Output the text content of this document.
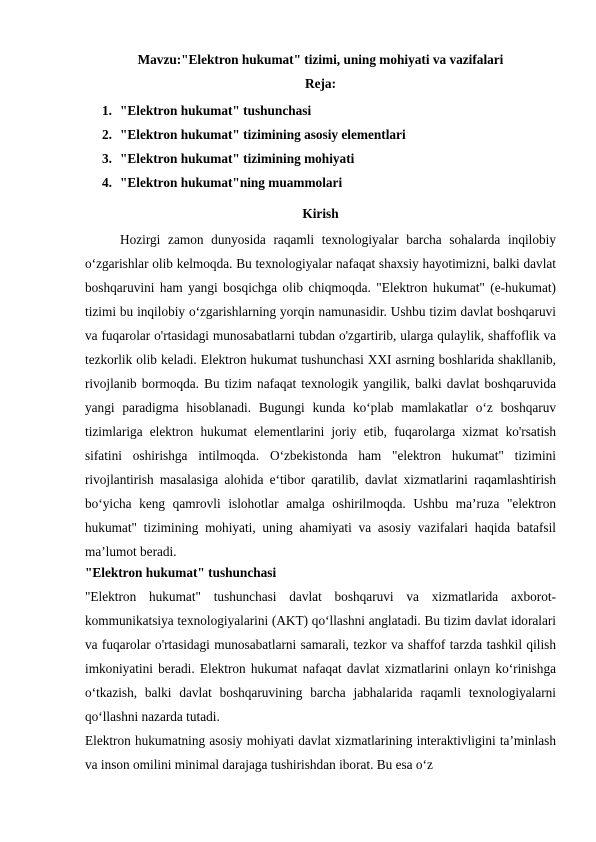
Mavzu:"Elektron hukumat" tizimi, uning mohiyati va vazifalari
Reja:
1. "Elektron hukumat" tushunchasi
2. "Elektron hukumat" tizimining asosiy elementlari
3. "Elektron hukumat" tizimining mohiyati
4. "Elektron hukumat"ning muammolari
Kirish

Hozirgi zamon dunyosida raqamli texnologiyalar barcha sohalarda inqilobiy o‘zgarishlar olib kelmoqda. Bu texnologiyalar nafaqat shaxsiy hayotimizni, balki davlat boshqaruvini ham yangi bosqichga olib chiqmoqda. "Elektron hukumat" (e-hukumat) tizimi bu inqilobiy o‘zgarishlarning yorqin namunasidir. Ushbu tizim davlat boshqaruvi va fuqarolar o'rtasidagi munosabatlarni tubdan o'zgartirib, ularga qulaylik, shaffoflik va tezkorlik olib keladi. Elektron hukumat tushunchasi XXI asrning boshlarida shakllanib, rivojlanib bormoqda. Bu tizim nafaqat texnologik yangilik, balki davlat boshqaruvida yangi paradigma hisoblanadi. Bugungi kunda ko‘plab mamlakatlar o‘z boshqaruv tizimlariga elektron hukumat elementlarini joriy etib, fuqarolarga xizmat ko'rsatish sifatini oshirishga intilmoqda. O‘zbekistonda ham "elektron hukumat" tizimini rivojlantirish masalasiga alohida e‘tibor qaratilib, davlat xizmatlarini raqamlashtirish bo‘yicha keng qamrovli islohotlar amalga oshirilmoqda. Ushbu ma’ruza "elektron hukumat" tizimining mohiyati, uning ahamiyati va asosiy vazifalari haqida batafsil ma’lumot beradi.

"Elektron hukumat" tushunchasi

"Elektron hukumat" tushunchasi davlat boshqaruvi va xizmatlarida axborot-kommunikatsiya texnologiyalarini (AKT) qo‘llashni anglatadi. Bu tizim davlat idoralari va fuqarolar o'rtasidagi munosabatlarni samarali, tezkor va shaffof tarzda tashkil qilish imkoniyatini beradi. Elektron hukumat nafaqat davlat xizmatlarini onlayn ko‘rinishga o‘tkazish, balki davlat boshqaruvining barcha jabhalarida raqamli texnologiyalarni qo‘llashni nazarda tutadi.

Elektron hukumatning asosiy mohiyati davlat xizmatlarining interaktivligini ta’minlash va inson omilini minimal darajaga tushirishdan iborat. Bu esa o‘z
